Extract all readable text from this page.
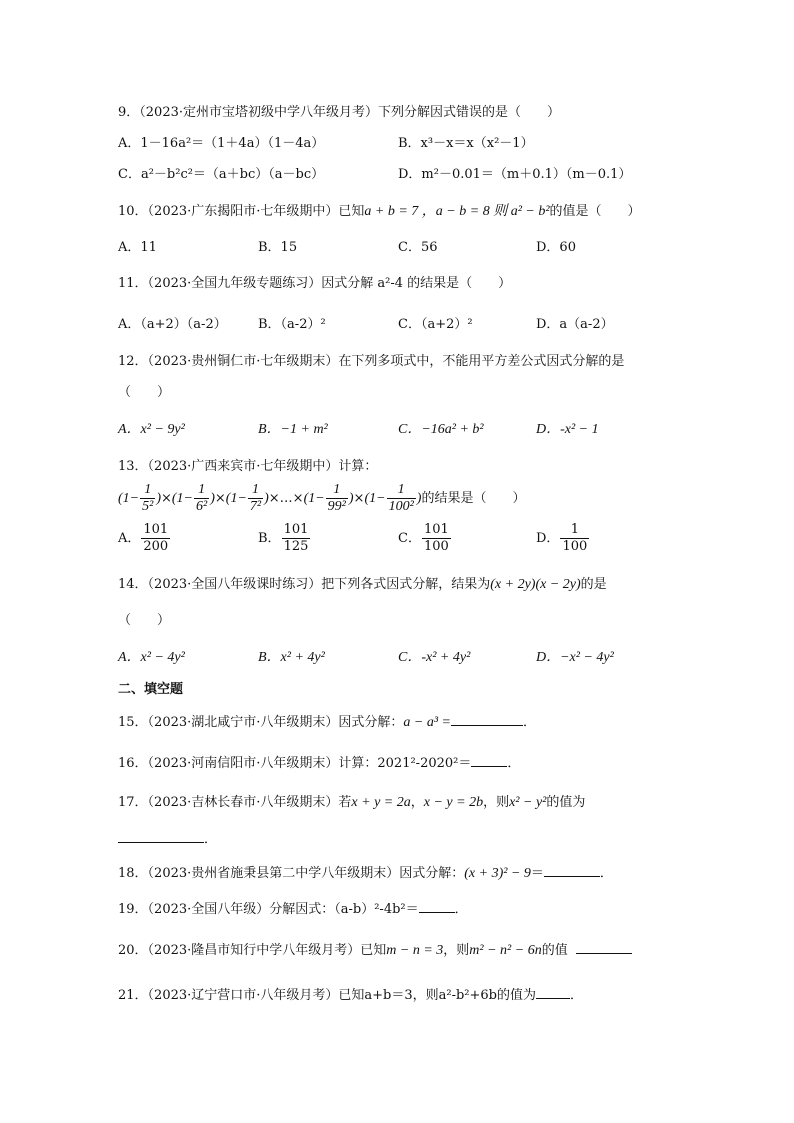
9．（2023·定州市宝塔初级中学八年级月考）下列分解因式错误的是（　　）
A．1－16a²＝（1＋4a）（1－4a）	B．x³－x＝x（x²－1）
C．a²－b²c²＝（a＋bc）（a－bc）	D．m²－0.01＝（m＋0.1）（m－0.1）
10．（2023·广东揭阳市·七年级期中）已知a + b = 7 ，a − b = 8 则 a² − b²的值是（　　）
A．11	B．15	C．56	D．60
11．（2023·全国九年级专题练习）因式分解 a²-4 的结果是（　　）
A．（a+2）（a-2） B．（a-2）²	C．（a+2）²	D．a（a-2）
12．（2023·贵州铜仁市·七年级期末）在下列多项式中，不能用平方差公式因式分解的是
（　　）
A．x² − 9y²	B．−1 + m²	C．−16a² + b²	D．-x² − 1
13．（2023·广西来宾市·七年级期中）计算：
$(1- \frac{1}{\text{5²}} )\times(1- \frac{1}{\text{6²}} )\times(1- \frac{1}{\text{7²}}$ )×…×(1− $\frac{1}{\text{99²}} )\times(1- \frac{1}{\text{100²}}$ )的结果是（　　）
A． $\frac{101}{200}$	B． $\frac{101}{125}$	C． $\frac{101}{100}$	D． $\frac{1}{100}$
14．（2023·全国八年级课时练习）把下列各式因式分解，结果为(x + 2y)(x − 2y)的是
（　　）
A．x² − 4y²	B．x² + 4y²	C．-x² + 4y²	D．−x² − 4y²
二、填空题
15．（2023·湖北咸宁市·八年级期末）因式分解：a − a³ =	．
16．（2023·河南信阳市·八年级期末）计算：2021²-2020²＝	．
17．（2023·吉林长春市·八年级期末）若x + y = 2a，x − y = 2b，则x² − y²的值为
．
18．（2023·贵州省施秉县第二中学八年级期末）因式分解：(x + 3)² − 9＝	．
19．（2023·全国八年级）分解因式：（a-b）²-4b²＝	．
20．（2023·隆昌市知行中学八年级月考）已知m − n = 3，则m² − n² − 6n的值
21．（2023·辽宁营口市·八年级月考）已知a+b＝3，则a²-b²+6b的值为	．
